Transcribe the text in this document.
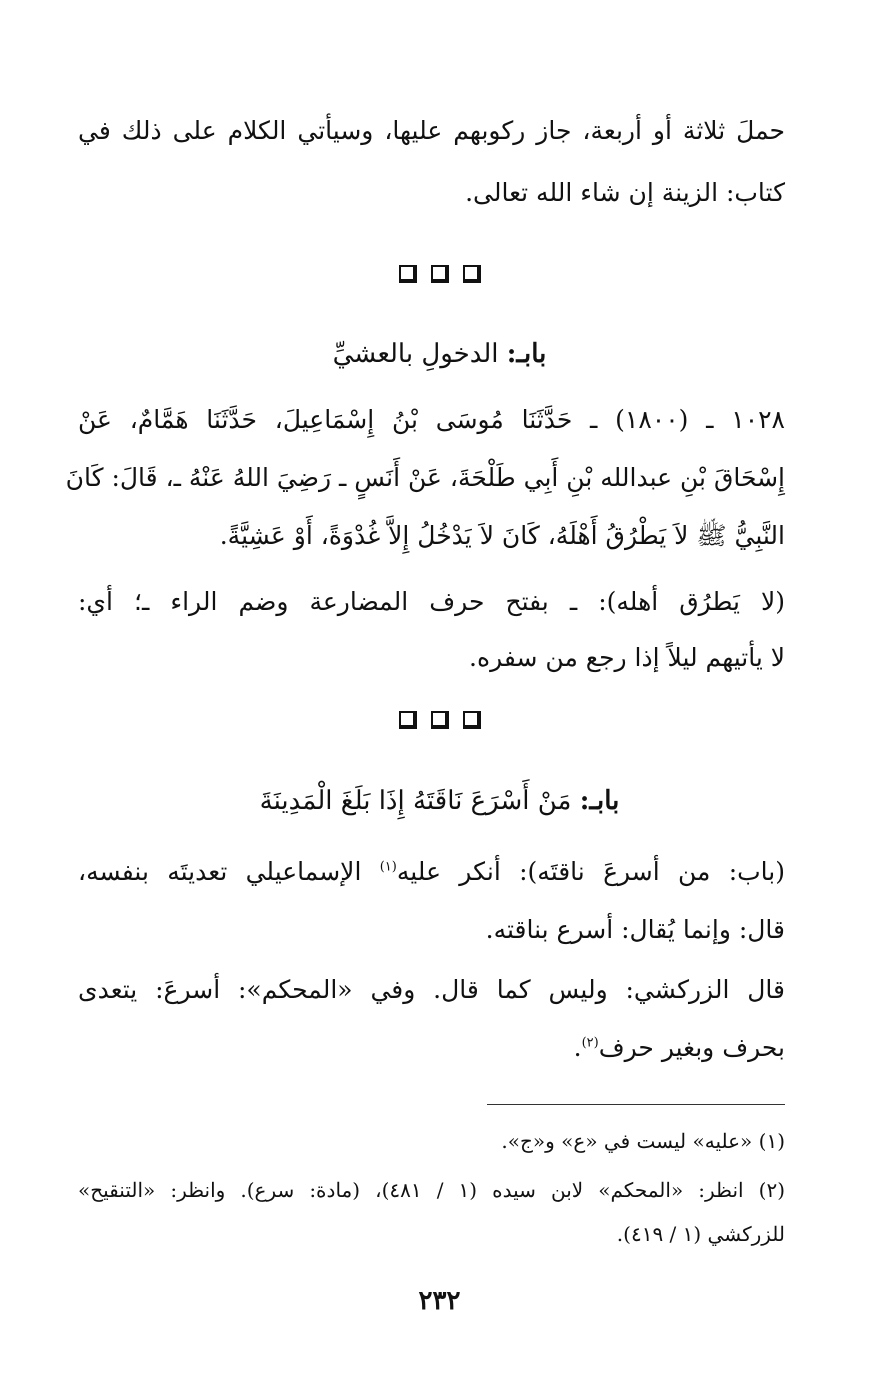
حملَ ثلاثة أو أربعة، جاز ركوبهم عليها، وسيأتي الكلام على ذلك في
كتاب: الزينة إن شاء الله تعالى.
بابـ: الدخولِ بالعشيِّ
١٠٢٨ ـ (١٨٠٠) ـ حَدَّثَنَا مُوسَى بْنُ إِسْمَاعِيلَ، حَدَّثَنَا هَمَّامٌ، عَنْ
إِسْحَاقَ بْنِ عبدالله بْنِ أَبِي طَلْحَةَ، عَنْ أَنَسٍ ـ رَضِيَ اللهُ عَنْهُ ـ، قَالَ: كَانَ
النَّبِيُّ ﷺ لاَ يَطْرُقُ أَهْلَهُ، كَانَ لاَ يَدْخُلُ إِلاَّ غُدْوَةً، أَوْ عَشِيَّةً.
(لا يَطرُق أهله): ـ بفتح حرف المضارعة وضم الراء ـ؛ أي:
لا يأتيهم ليلاً إذا رجع من سفره.
بابـ: مَنْ أَسْرَعَ نَاقَتَهُ إِذَا بَلَغَ الْمَدِينَةَ
(باب: من أسرعَ ناقتَه): أنكر عليه$^{(١)}$ الإسماعيلي تعديتَه بنفسه،
قال: وإنما يُقال: أسرع بناقته.
قال الزركشي: وليس كما قال. وفي «المحكم»: أسرعَ: يتعدى
بحرف وبغير حرف$^{(٢)}$.
(١) «عليه» ليست في «ع» و«ج».
(٢) انظر: «المحكم» لابن سيده (١ / ٤٨١)، (مادة: سرع). وانظر: «التنقيح»
للزركشي (١ / ٤١٩).
٢٣٢
